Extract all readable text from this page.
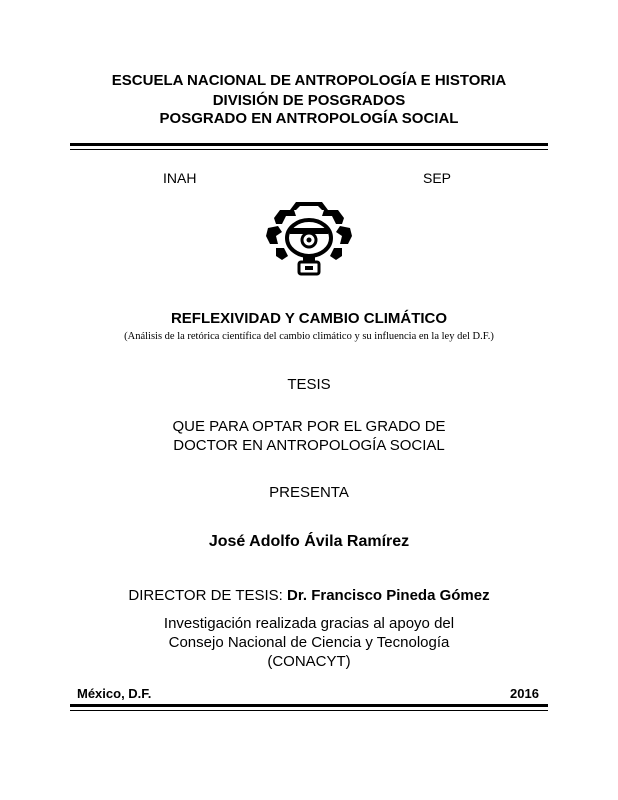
ESCUELA NACIONAL DE ANTROPOLOGÍA E HISTORIA
DIVISIÓN DE POSGRADOS
POSGRADO EN ANTROPOLOGÍA SOCIAL
INAH	SEP
REFLEXIVIDAD Y CAMBIO CLIMÁTICO
(Análisis de la retórica científica del cambio climático y su influencia en la ley del D.F.)
TESIS
QUE PARA OPTAR POR EL GRADO DE
DOCTOR EN ANTROPOLOGÍA SOCIAL
PRESENTA
José Adolfo Ávila Ramírez
DIRECTOR DE TESIS: Dr. Francisco Pineda Gómez
Investigación realizada gracias al apoyo del
Consejo Nacional de Ciencia y Tecnología
(CONACYT)
México, D.F.	2016
